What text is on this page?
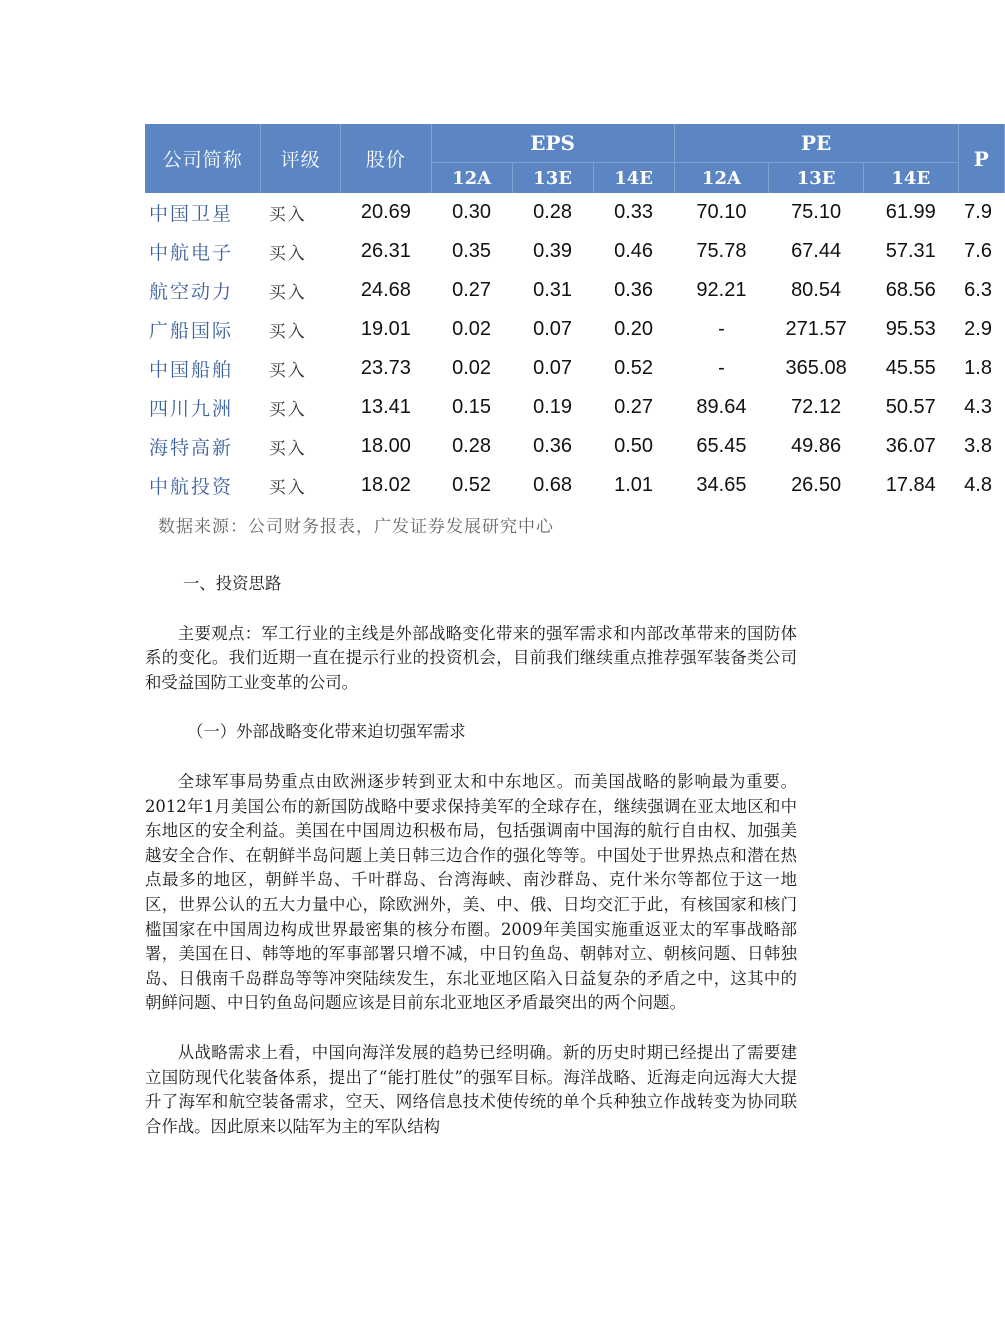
公司简称	评级	股价	EPS			PE			P
			12A	13E	14E	12A	13E	14E	
中国卫星	买入	20.69	0.30	0.28	0.33	70.10	75.10	61.99	7.9
中航电子	买入	26.31	0.35	0.39	0.46	75.78	67.44	57.31	7.6
航空动力	买入	24.68	0.27	0.31	0.36	92.21	80.54	68.56	6.3
广船国际	买入	19.01	0.02	0.07	0.20	-	271.57	95.53	2.9
中国船舶	买入	23.73	0.02	0.07	0.52	-	365.08	45.55	1.8
四川九洲	买入	13.41	0.15	0.19	0.27	89.64	72.12	50.57	4.3
海特高新	买入	18.00	0.28	0.36	0.50	65.45	49.86	36.07	3.8
中航投资	买入	18.02	0.52	0.68	1.01	34.65	26.50	17.84	4.8
数据来源：公司财务报表，广发证券发展研究中心
一、投资思路

主要观点：军工行业的主线是外部战略变化带来的强军需求和内部改革带来的国防体系的变化。我们近期一直在提示行业的投资机会，目前我们继续重点推荐强军装备类公司和受益国防工业变革的公司。

（一）外部战略变化带来迫切强军需求

全球军事局势重点由欧洲逐步转到亚太和中东地区。而美国战略的影响最为重要。2012年1月美国公布的新国防战略中要求保持美军的全球存在，继续强调在亚太地区和中东地区的安全利益。美国在中国周边积极布局，包括强调南中国海的航行自由权、加强美越安全合作、在朝鲜半岛问题上美日韩三边合作的强化等等。中国处于世界热点和潜在热点最多的地区，朝鲜半岛、千叶群岛、台湾海峡、南沙群岛、克什米尔等都位于这一地区，世界公认的五大力量中心，除欧洲外，美、中、俄、日均交汇于此，有核国家和核门槛国家在中国周边构成世界最密集的核分布圈。2009年美国实施重返亚太的军事战略部署，美国在日、韩等地的军事部署只增不减，中日钓鱼岛、朝韩对立、朝核问题、日韩独岛、日俄南千岛群岛等等冲突陆续发生，东北亚地区陷入日益复杂的矛盾之中，这其中的朝鲜问题、中日钓鱼岛问题应该是目前东北亚地区矛盾最突出的两个问题。

从战略需求上看，中国向海洋发展的趋势已经明确。新的历史时期已经提出了需要建立国防现代化装备体系，提出了“能打胜仗”的强军目标。海洋战略、近海走向远海大大提升了海军和航空装备需求，空天、网络信息技术使传统的单个兵种独立作战转变为协同联合作战。因此原来以陆军为主的军队结构
